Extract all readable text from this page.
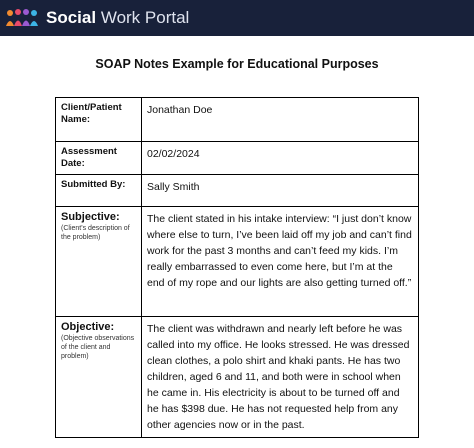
Social Work Portal
SOAP Notes Example for Educational Purposes
Client/Patient Name:	Jonathan Doe

Assessment Date:	02/02/2024

Submitted By:	Sally Smith

Subjective:
(Client's description of the problem)	The client stated in his intake interview: “I just don’t know where else to turn, I’ve been laid off my job and can’t find work for the past 3 months and can’t feed my kids. I’m really embarrassed to even come here, but I’m at the end of my rope and our lights are also getting turned off.”

Objective:
(Objective observations of the client and problem)	The client was withdrawn and nearly left before he was called into my office. He looks stressed. He was dressed clean clothes, a polo shirt and khaki pants. He has two children, aged 6 and 11, and both were in school when he came in. His electricity is about to be turned off and he has $398 due. He has not requested help from any other agencies now or in the past.
